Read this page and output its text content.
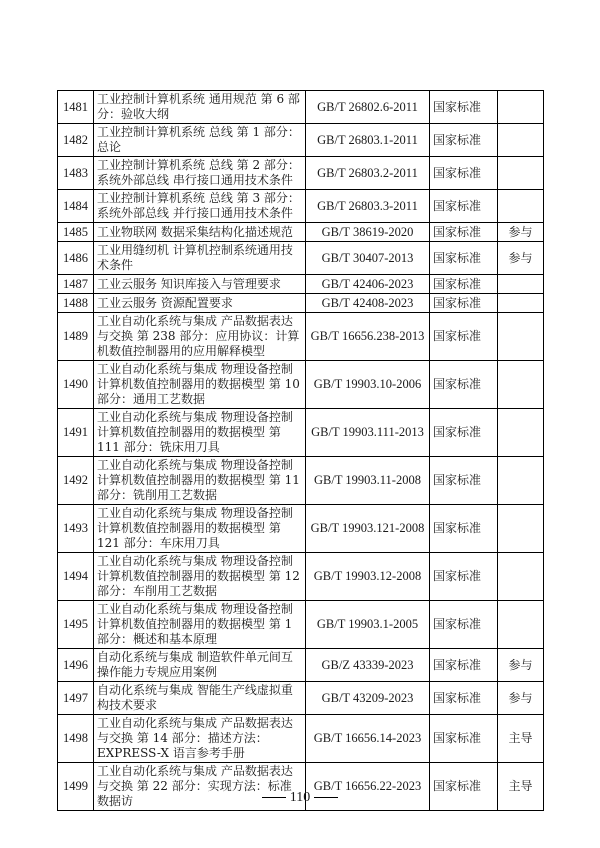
1481	工业控制计算机系统 通用规范 第 6 部分：验收大纲	GB/T 26802.6-2011	国家标准	
1482	工业控制计算机系统 总线 第 1 部分：总论	GB/T 26803.1-2011	国家标准	
1483	工业控制计算机系统 总线 第 2 部分：系统外部总线 串行接口通用技术条件	GB/T 26803.2-2011	国家标准	
1484	工业控制计算机系统 总线 第 3 部分：系统外部总线 并行接口通用技术条件	GB/T 26803.3-2011	国家标准	
1485	工业物联网 数据采集结构化描述规范	GB/T 38619-2020	国家标准	参与
1486	工业用缝纫机 计算机控制系统通用技术条件	GB/T 30407-2013	国家标准	参与
1487	工业云服务 知识库接入与管理要求	GB/T 42406-2023	国家标准	
1488	工业云服务 资源配置要求	GB/T 42408-2023	国家标准	
1489	工业自动化系统与集成 产品数据表达与交换 第 238 部分：应用协议：计算机数值控制器用的应用解释模型	GB/T 16656.238-2013	国家标准	
1490	工业自动化系统与集成 物理设备控制 计算机数值控制器用的数据模型 第 10 部分：通用工艺数据	GB/T 19903.10-2006	国家标准	
1491	工业自动化系统与集成 物理设备控制 计算机数值控制器用的数据模型 第 111 部分：铣床用刀具	GB/T 19903.111-2013	国家标准	
1492	工业自动化系统与集成 物理设备控制 计算机数值控制器用的数据模型 第 11 部分：铣削用工艺数据	GB/T 19903.11-2008	国家标准	
1493	工业自动化系统与集成 物理设备控制 计算机数值控制器用的数据模型 第 121 部分：车床用刀具	GB/T 19903.121-2008	国家标准	
1494	工业自动化系统与集成 物理设备控制 计算机数值控制器用的数据模型 第 12 部分：车削用工艺数据	GB/T 19903.12-2008	国家标准	
1495	工业自动化系统与集成 物理设备控制 计算机数值控制器用的数据模型 第 1 部分：概述和基本原理	GB/T 19903.1-2005	国家标准	
1496	自动化系统与集成 制造软件单元间互操作能力专规应用案例	GB/Z 43339-2023	国家标准	参与
1497	自动化系统与集成 智能生产线虚拟重构技术要求	GB/T 43209-2023	国家标准	参与
1498	工业自动化系统与集成 产品数据表达与交换 第 14 部分：描述方法：EXPRESS-X 语言参考手册	GB/T 16656.14-2023	国家标准	主导
1499	工业自动化系统与集成 产品数据表达与交换 第 22 部分：实现方法：标准数据访	GB/T 16656.22-2023	国家标准	主导
110
